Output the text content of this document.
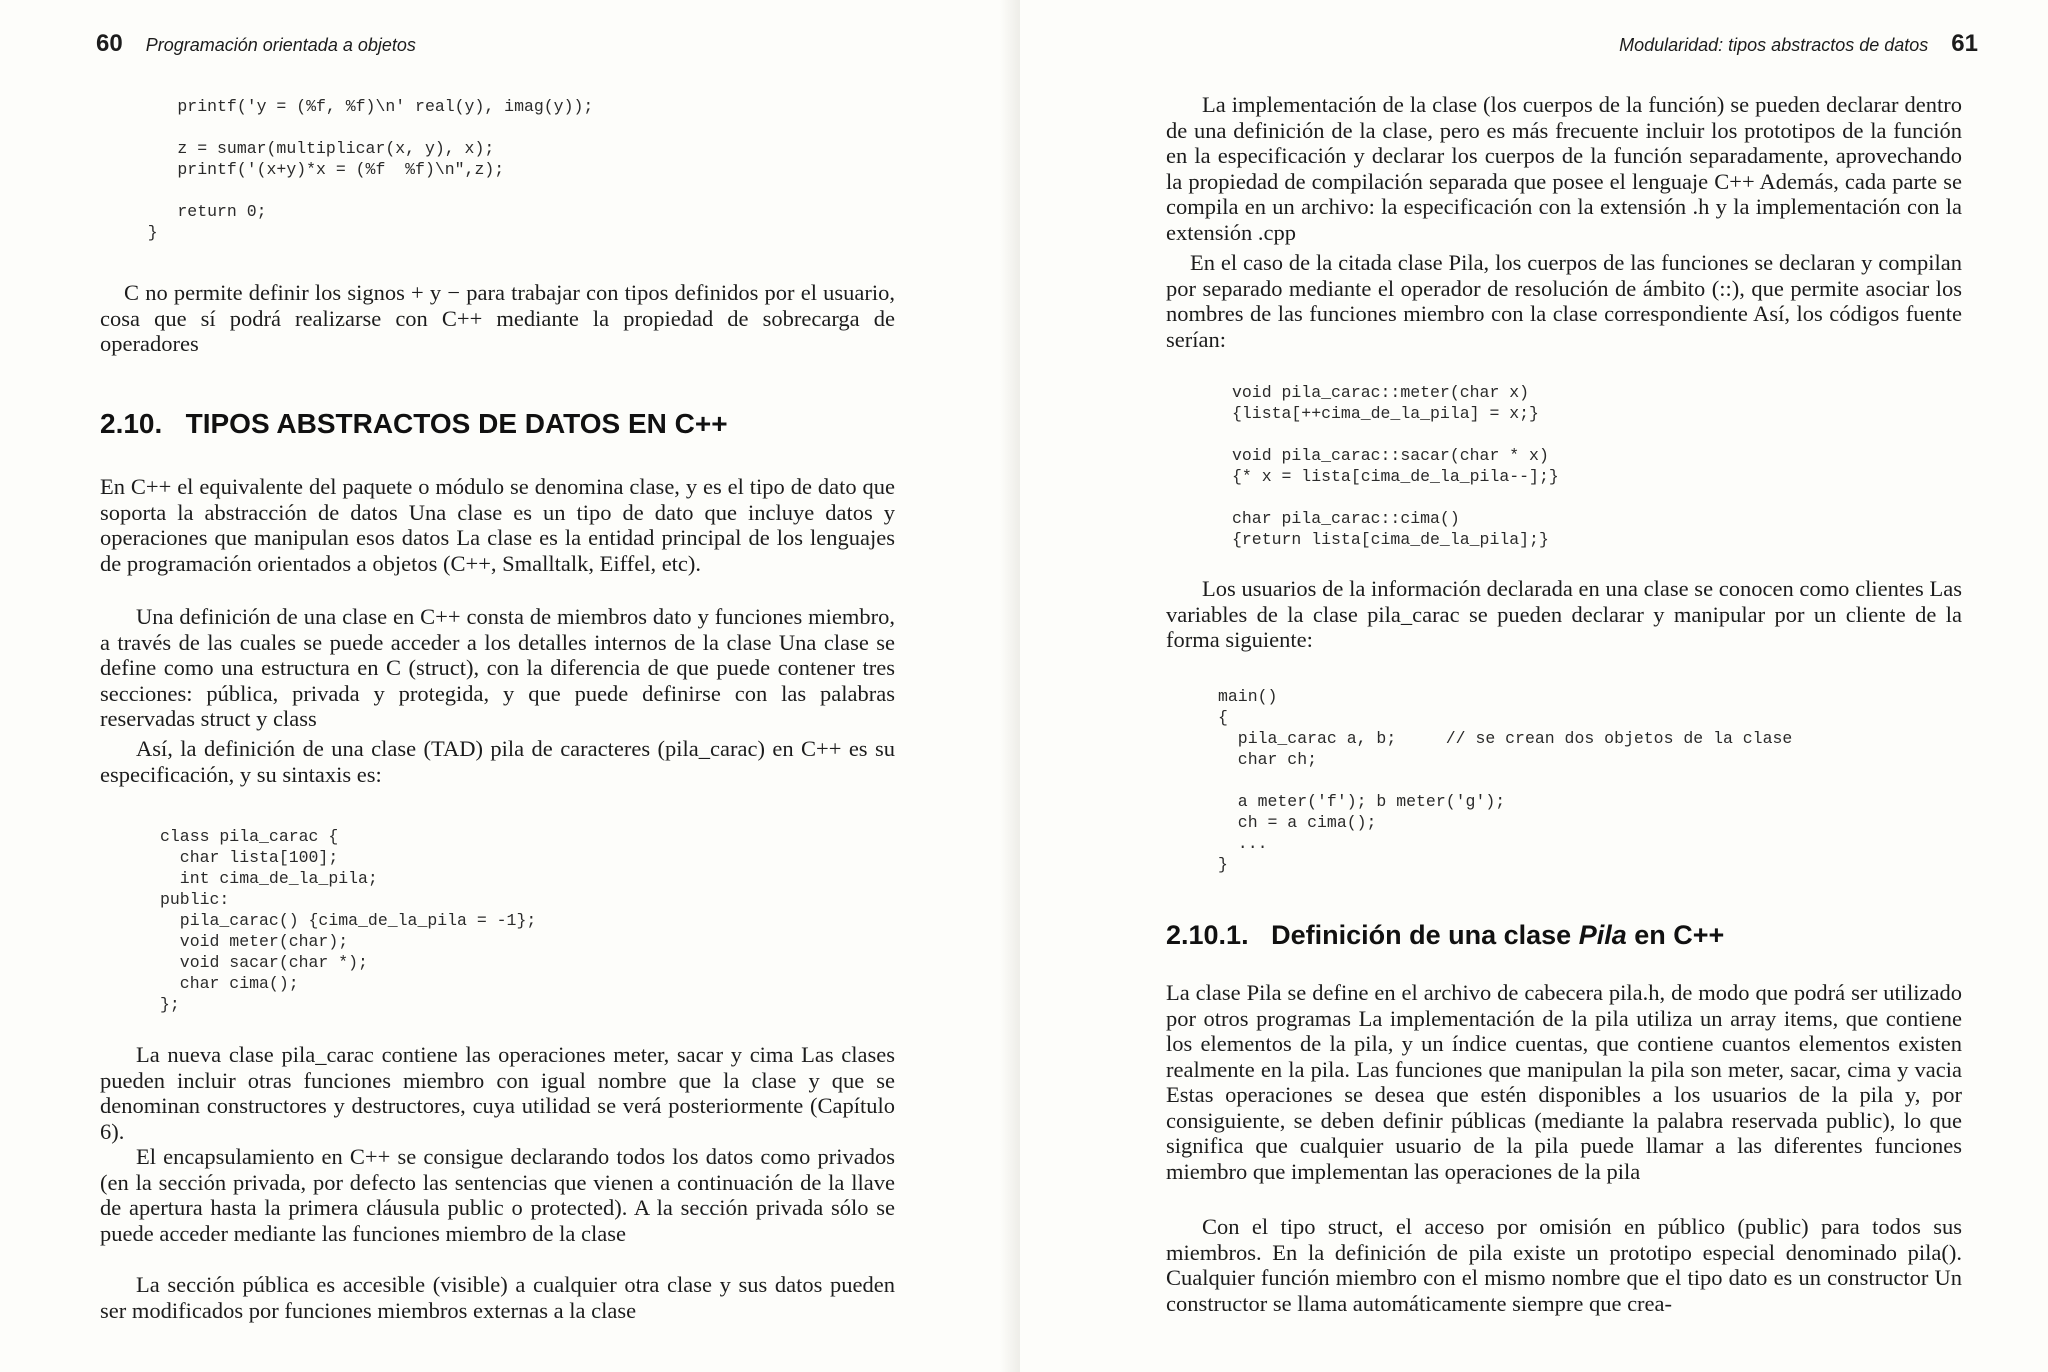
60 Programación orientada a objetos
printf('y = (%f, %f)\n' real(y), imag(y));

z = sumar(multiplicar(x, y), x);
printf('(x+y)*x = (%f  %f)\n",z);

return 0;
}

C no permite definir los signos + y − para trabajar con tipos definidos por el usuario, cosa que sí podrá realizarse con C++ mediante la propiedad de sobrecarga de operadores

2.10. TIPOS ABSTRACTOS DE DATOS EN C++

En C++ el equivalente del paquete o módulo se denomina clase, y es el tipo de dato que soporta la abstracción de datos Una clase es un tipo de dato que incluye datos y operaciones que manipulan esos datos La clase es la entidad principal de los lenguajes de programación orientados a objetos (C++, Smalltalk, Eiffel, etc).

Una definición de una clase en C++ consta de miembros dato y funciones miembro, a través de las cuales se puede acceder a los detalles internos de la clase Una clase se define como una estructura en C (struct), con la diferencia de que puede contener tres secciones: pública, privada y protegida, y que puede definirse con las palabras reservadas struct y class

Así, la definición de una clase (TAD) pila de caracteres (pila_carac) en C++ es su especificación, y su sintaxis es:

class pila_carac {
char lista[100];
int cima_de_la_pila;
public:
pila_carac() {cima_de_la_pila = -1};
void meter(char);
void sacar(char *);
char cima();
};

La nueva clase pila_carac contiene las operaciones meter, sacar y cima Las clases pueden incluir otras funciones miembro con igual nombre que la clase y que se denominan constructores y destructores, cuya utilidad se verá posteriormente (Capítulo 6).

El encapsulamiento en C++ se consigue declarando todos los datos como privados (en la sección privada, por defecto las sentencias que vienen a continuación de la llave de apertura hasta la primera cláusula public o protected). A la sección privada sólo se puede acceder mediante las funciones miembro de la clase

La sección pública es accesible (visible) a cualquier otra clase y sus datos pueden ser modificados por funciones miembros externas a la clase

Modularidad: tipos abstractos de datos 61

La implementación de la clase (los cuerpos de la función) se pueden declarar dentro de una definición de la clase, pero es más frecuente incluir los prototipos de la función en la especificación y declarar los cuerpos de la función separadamente, aprovechando la propiedad de compilación separada que posee el lenguaje C++ Además, cada parte se compila en un archivo: la especificación con la extensión .h y la implementación con la extensión .cpp

En el caso de la citada clase Pila, los cuerpos de las funciones se declaran y compilan por separado mediante el operador de resolución de ámbito (::), que permite asociar los nombres de las funciones miembro con la clase correspondiente Así, los códigos fuente serían:

void pila_carac::meter(char x)
{lista[++cima_de_la_pila] = x;}

void pila_carac::sacar(char * x)
{* x = lista[cima_de_la_pila--];}

char pila_carac::cima()
{return lista[cima_de_la_pila];}

Los usuarios de la información declarada en una clase se conocen como clientes Las variables de la clase pila_carac se pueden declarar y manipular por un cliente de la forma siguiente:

main()
{
pila_carac a, b;     // se crean dos objetos de la clase
char ch;

a meter('f'); b meter('g');
ch = a cima();
...
}
2.10.1. Definición de una clase Pila en C++

La clase Pila se define en el archivo de cabecera pila.h, de modo que podrá ser utilizado por otros programas La implementación de la pila utiliza un array items, que contiene los elementos de la pila, y un índice cuentas, que contiene cuantos elementos existen realmente en la pila. Las funciones que manipulan la pila son meter, sacar, cima y vacia Estas operaciones se desea que estén disponibles a los usuarios de la pila y, por consiguiente, se deben definir públicas (mediante la palabra reservada public), lo que significa que cualquier usuario de la pila puede llamar a las diferentes funciones miembro que implementan las operaciones de la pila

Con el tipo struct, el acceso por omisión en público (public) para todos sus miembros. En la definición de pila existe un prototipo especial denominado pila(). Cualquier función miembro con el mismo nombre que el tipo dato es un constructor Un constructor se llama automáticamente siempre que crea-
